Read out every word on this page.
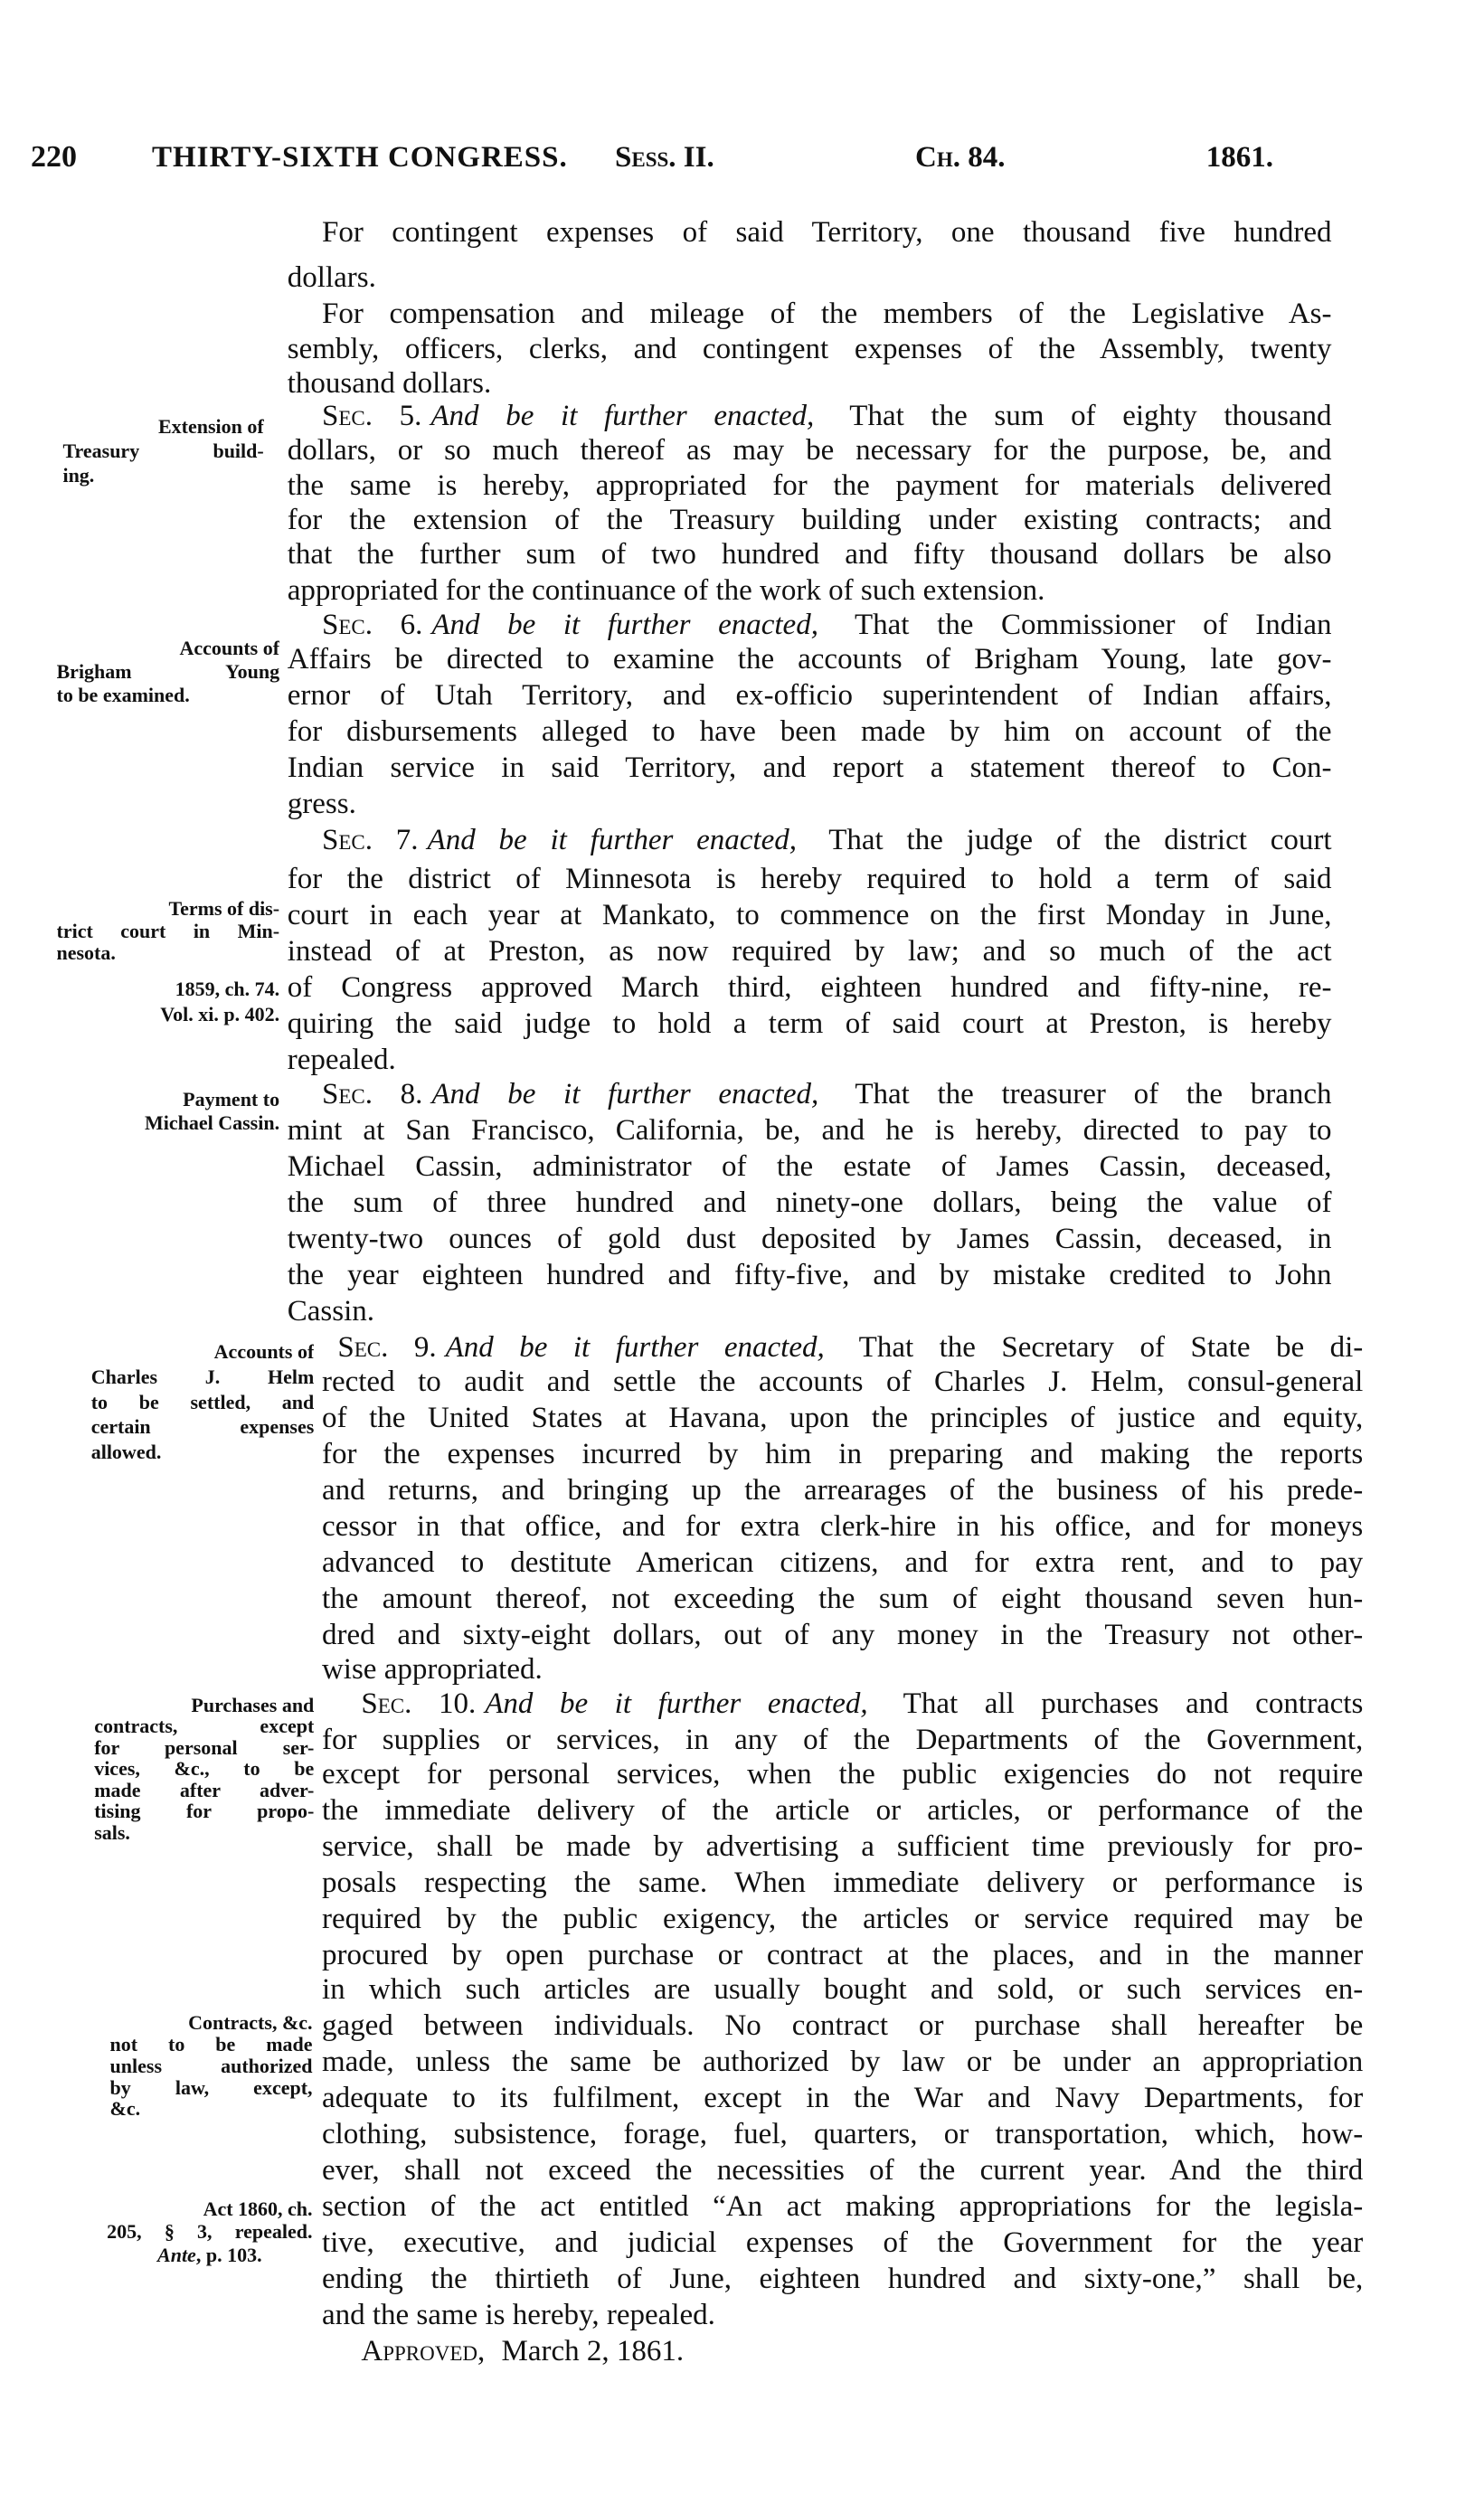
220	THIRTY-SIXTH CONGRESS. Sess. II.	Ch. 84.	1861.
For contingent expenses of said Territory, one thousand five hundred
dollars.
For compensation and mileage of the members of the Legislative As-
sembly, officers, clerks, and contingent expenses of the Assembly, twenty
thousand dollars.
Sec. 5. And be it further enacted, That the sum of eighty thousand
dollars, or so much thereof as may be necessary for the purpose, be, and
the same is hereby, appropriated for the payment for materials delivered
for the extension of the Treasury building under existing contracts; and
that the further sum of two hundred and fifty thousand dollars be also
appropriated for the continuance of the work of such extension.
Sec. 6. And be it further enacted, That the Commissioner of Indian
Affairs be directed to examine the accounts of Brigham Young, late gov-
ernor of Utah Territory, and ex-officio superintendent of Indian affairs,
for disbursements alleged to have been made by him on account of the
Indian service in said Territory, and report a statement thereof to Con-
gress.
Sec. 7. And be it further enacted, That the judge of the district court
for the district of Minnesota is hereby required to hold a term of said
court in each year at Mankato, to commence on the first Monday in June,
instead of at Preston, as now required by law; and so much of the act
of Congress approved March third, eighteen hundred and fifty-nine, re-
quiring the said judge to hold a term of said court at Preston, is hereby
repealed.
Sec. 8. And be it further enacted, That the treasurer of the branch
mint at San Francisco, California, be, and he is hereby, directed to pay to
Michael Cassin, administrator of the estate of James Cassin, deceased,
the sum of three hundred and ninety-one dollars, being the value of
twenty-two ounces of gold dust deposited by James Cassin, deceased, in
the year eighteen hundred and fifty-five, and by mistake credited to John
Cassin.
Sec. 9. And be it further enacted, That the Secretary of State be di-
rected to audit and settle the accounts of Charles J. Helm, consul-general
of the United States at Havana, upon the principles of justice and equity,
for the expenses incurred by him in preparing and making the reports
and returns, and bringing up the arrearages of the business of his prede-
cessor in that office, and for extra clerk-hire in his office, and for moneys
advanced to destitute American citizens, and for extra rent, and to pay
the amount thereof, not exceeding the sum of eight thousand seven hun-
dred and sixty-eight dollars, out of any money in the Treasury not other-
wise appropriated.
Sec. 10. And be it further enacted, That all purchases and contracts
for supplies or services, in any of the Departments of the Government,
except for personal services, when the public exigencies do not require
the immediate delivery of the article or articles, or performance of the
service, shall be made by advertising a sufficient time previously for pro-
posals respecting the same. When immediate delivery or performance is
required by the public exigency, the articles or service required may be
procured by open purchase or contract at the places, and in the manner
in which such articles are usually bought and sold, or such services en-
gaged between individuals. No contract or purchase shall hereafter be
made, unless the same be authorized by law or be under an appropriation
adequate to its fulfilment, except in the War and Navy Departments, for
clothing, subsistence, forage, fuel, quarters, or transportation, which, how-
ever, shall not exceed the necessities of the current year. And the third
section of the act entitled “An act making appropriations for the legisla-
tive, executive, and judicial expenses of the Government for the year
ending the thirtieth of June, eighteen hundred and sixty-one,” shall be,
and the same is hereby, repealed.
Approved, March 2, 1861.
Extension of
Treasury build-
ing.
Accounts of
Brigham Young
to be examined.
Terms of dis-
trict court in Min-
nesota.
1859, ch. 74.
Vol. xi. p. 402.
Payment to
Michael Cassin.
Accounts of
Charles J. Helm
to be settled, and
certain expenses
allowed.
Purchases and
contracts, except
for personal ser-
vices, &c., to be
made after adver-
tising for propo-
sals.
Contracts, &c.
not to be made
unless authorized
by law, except,
&c.
Act 1860, ch.
205, § 3, repealed.
Ante, p. 103.
